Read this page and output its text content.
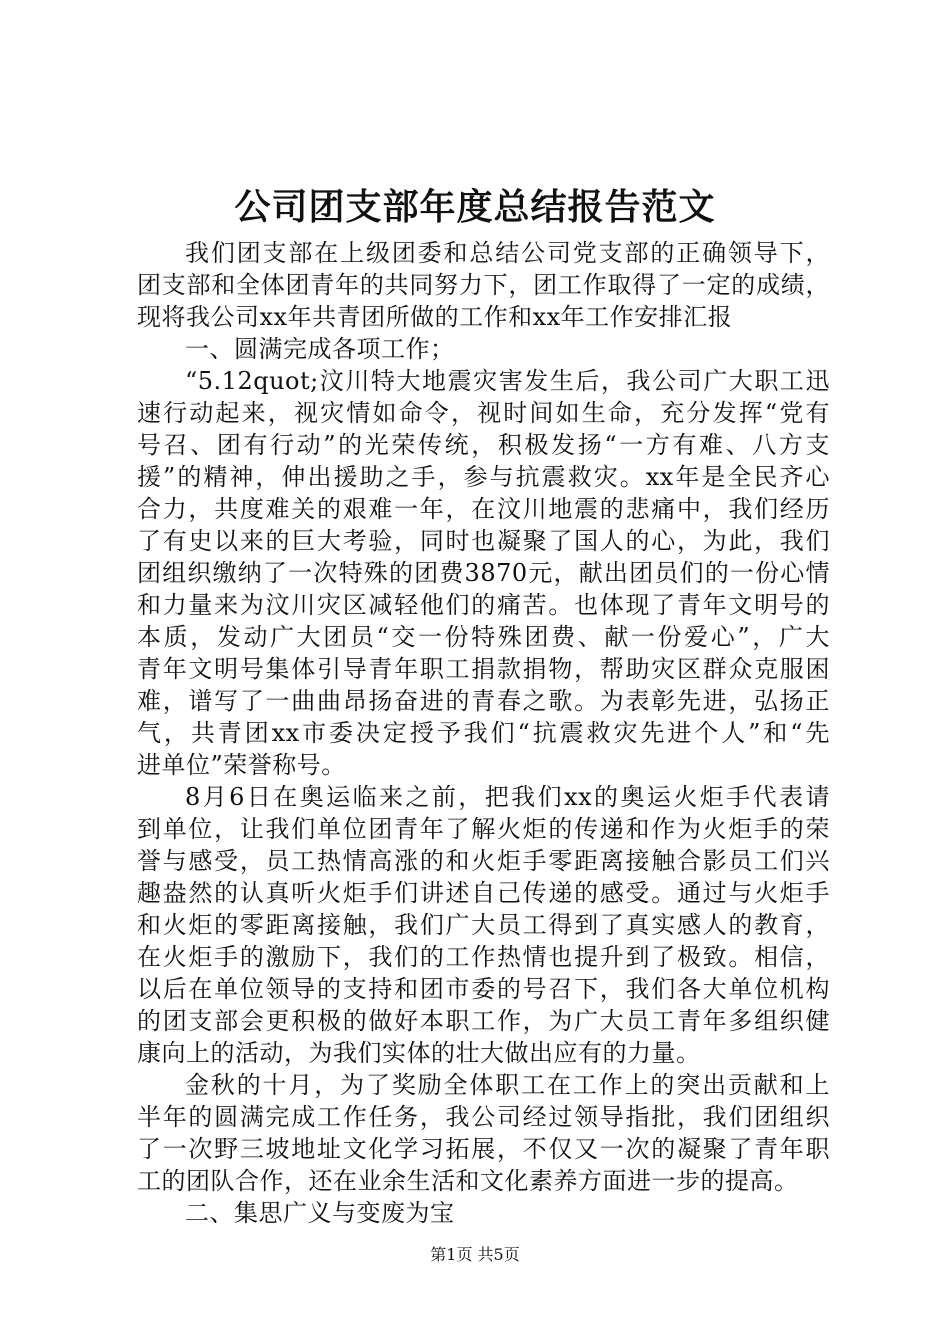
公司团支部年度总结报告范文
我们团支部在上级团委和总结公司党支部的正确领导下，
团支部和全体团青年的共同努力下，团工作取得了一定的成绩，
现将我公司xx年共青团所做的工作和xx年工作安排汇报
一、圆满完成各项工作；
“5.12quot;汶川特大地震灾害发生后，我公司广大职工迅
速行动起来，视灾情如命令，视时间如生命，充分发挥“党有
号召、团有行动”的光荣传统，积极发扬“一方有难、八方支
援”的精神，伸出援助之手，参与抗震救灾。xx年是全民齐心
合力，共度难关的艰难一年，在汶川地震的悲痛中，我们经历
了有史以来的巨大考验，同时也凝聚了国人的心，为此，我们
团组织缴纳了一次特殊的团费3870元，献出团员们的一份心情
和力量来为汶川灾区减轻他们的痛苦。也体现了青年文明号的
本质，发动广大团员“交一份特殊团费、献一份爱心”，广大
青年文明号集体引导青年职工捐款捐物，帮助灾区群众克服困
难，谱写了一曲曲昂扬奋进的青春之歌。为表彰先进，弘扬正
气，共青团xx市委决定授予我们“抗震救灾先进个人”和“先
进单位”荣誉称号。
8月6日在奥运临来之前，把我们xx的奥运火炬手代表请
到单位，让我们单位团青年了解火炬的传递和作为火炬手的荣
誉与感受，员工热情高涨的和火炬手零距离接触合影员工们兴
趣盎然的认真听火炬手们讲述自己传递的感受。通过与火炬手
和火炬的零距离接触，我们广大员工得到了真实感人的教育，
在火炬手的激励下，我们的工作热情也提升到了极致。相信，
以后在单位领导的支持和团市委的号召下，我们各大单位机构
的团支部会更积极的做好本职工作，为广大员工青年多组织健
康向上的活动，为我们实体的壮大做出应有的力量。
金秋的十月，为了奖励全体职工在工作上的突出贡献和上
半年的圆满完成工作任务，我公司经过领导指批，我们团组织
了一次野三坡地址文化学习拓展，不仅又一次的凝聚了青年职
工的团队合作，还在业余生活和文化素养方面进一步的提高。
二、集思广义与变废为宝
第1页 共5页
